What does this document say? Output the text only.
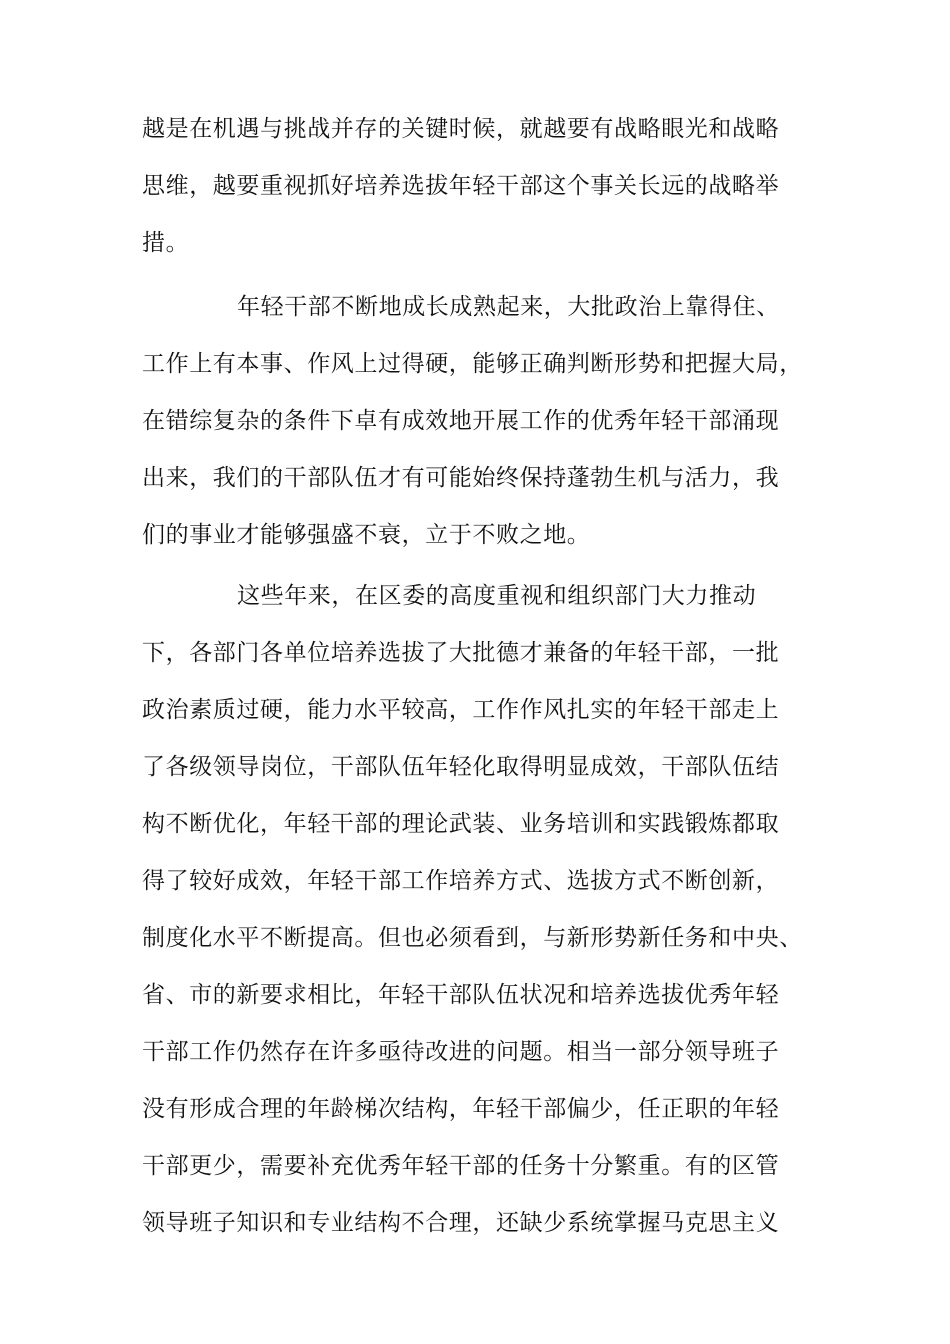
越是在机遇与挑战并存的关键时候，就越要有战略眼光和战略
思维，越要重视抓好培养选拔年轻干部这个事关长远的战略举
措。
年轻干部不断地成长成熟起来，大批政治上靠得住、
工作上有本事、作风上过得硬，能够正确判断形势和把握大局，
在错综复杂的条件下卓有成效地开展工作的优秀年轻干部涌现
出来，我们的干部队伍才有可能始终保持蓬勃生机与活力，我
们的事业才能够强盛不衰，立于不败之地。
这些年来，在区委的高度重视和组织部门大力推动
下，各部门各单位培养选拔了大批德才兼备的年轻干部，一批
政治素质过硬，能力水平较高，工作作风扎实的年轻干部走上
了各级领导岗位，干部队伍年轻化取得明显成效，干部队伍结
构不断优化，年轻干部的理论武装、业务培训和实践锻炼都取
得了较好成效，年轻干部工作培养方式、选拔方式不断创新，
制度化水平不断提高。但也必须看到，与新形势新任务和中央、
省、市的新要求相比，年轻干部队伍状况和培养选拔优秀年轻
干部工作仍然存在许多亟待改进的问题。相当一部分领导班子
没有形成合理的年龄梯次结构，年轻干部偏少，任正职的年轻
干部更少，需要补充优秀年轻干部的任务十分繁重。有的区管
领导班子知识和专业结构不合理，还缺少系统掌握马克思主义
